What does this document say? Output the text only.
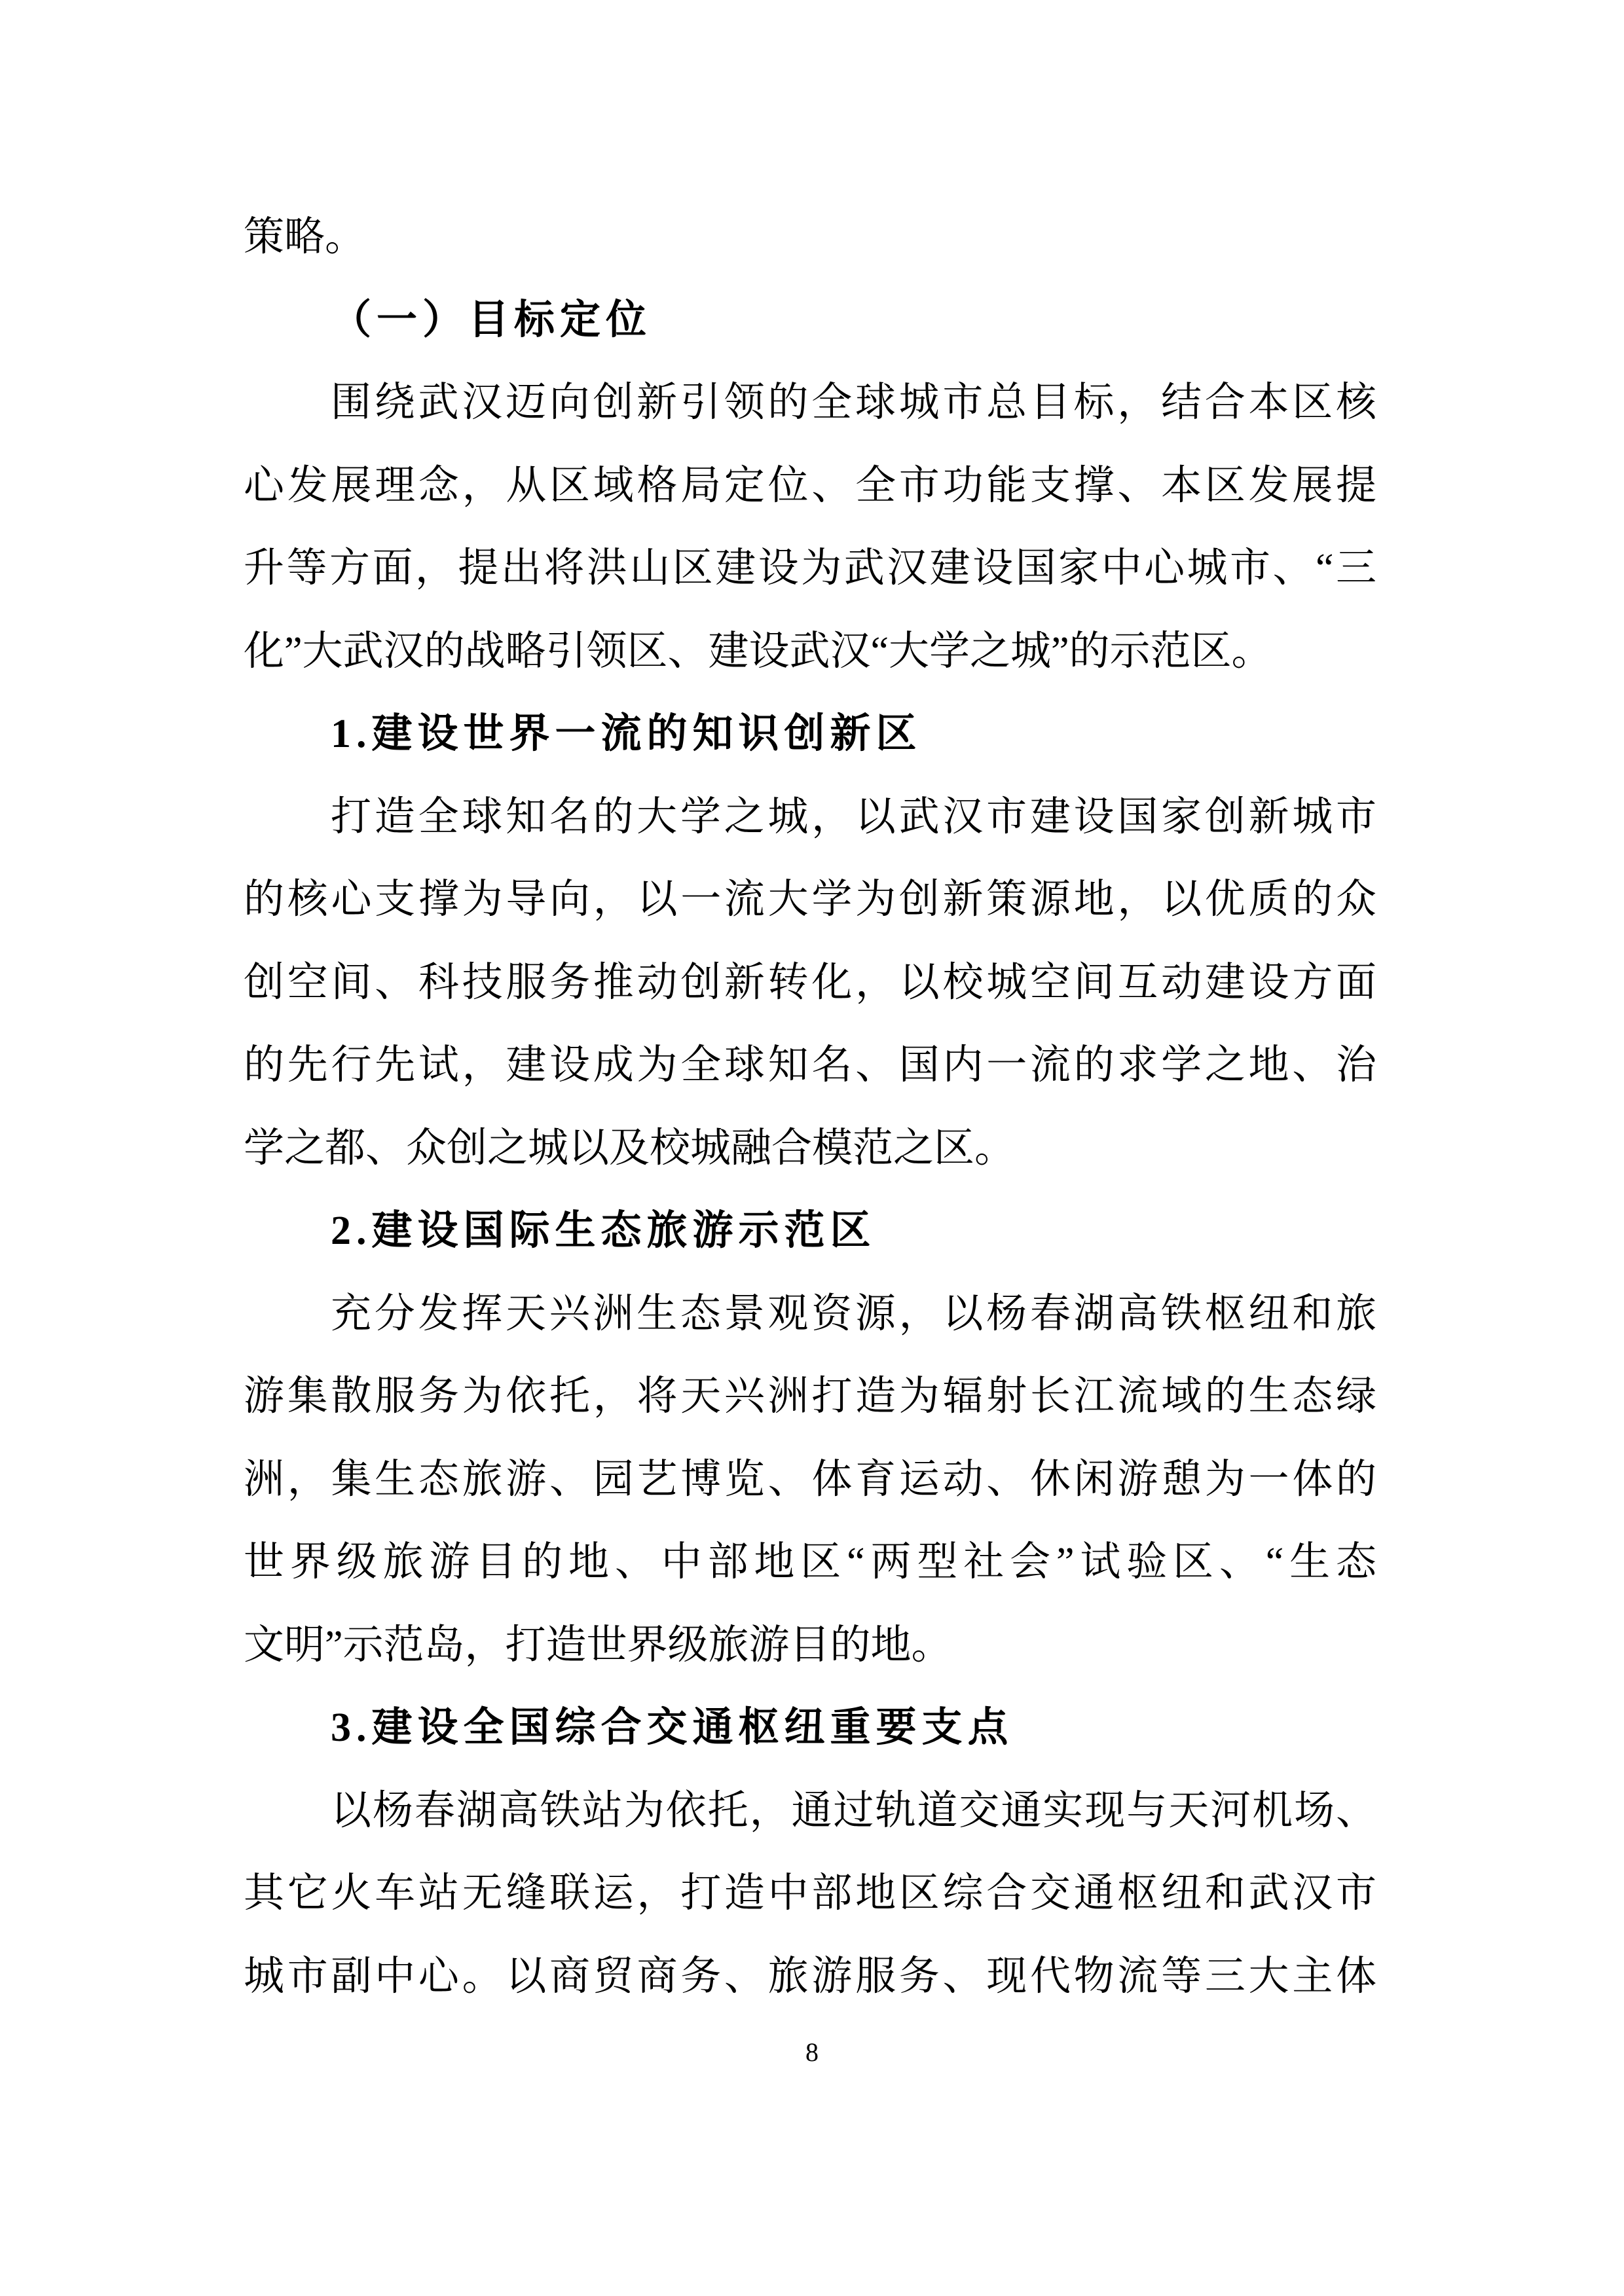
策略。
（一）目标定位
围绕武汉迈向创新引领的全球城市总目标，结合本区核
心发展理念，从区域格局定位、全市功能支撑、本区发展提
升等方面，提出将洪山区建设为武汉建设国家中心城市、“三
化”大武汉的战略引领区、建设武汉“大学之城”的示范区。
1.建设世界一流的知识创新区
打造全球知名的大学之城，以武汉市建设国家创新城市
的核心支撑为导向，以一流大学为创新策源地，以优质的众
创空间、科技服务推动创新转化，以校城空间互动建设方面
的先行先试，建设成为全球知名、国内一流的求学之地、治
学之都、众创之城以及校城融合模范之区。
2.建设国际生态旅游示范区
充分发挥天兴洲生态景观资源，以杨春湖高铁枢纽和旅
游集散服务为依托，将天兴洲打造为辐射长江流域的生态绿
洲，集生态旅游、园艺博览、体育运动、休闲游憩为一体的
世界级旅游目的地、中部地区“两型社会”试验区、“生态
文明”示范岛，打造世界级旅游目的地。
3.建设全国综合交通枢纽重要支点
以杨春湖高铁站为依托，通过轨道交通实现与天河机场、
其它火车站无缝联运，打造中部地区综合交通枢纽和武汉市
城市副中心。以商贸商务、旅游服务、现代物流等三大主体
8
